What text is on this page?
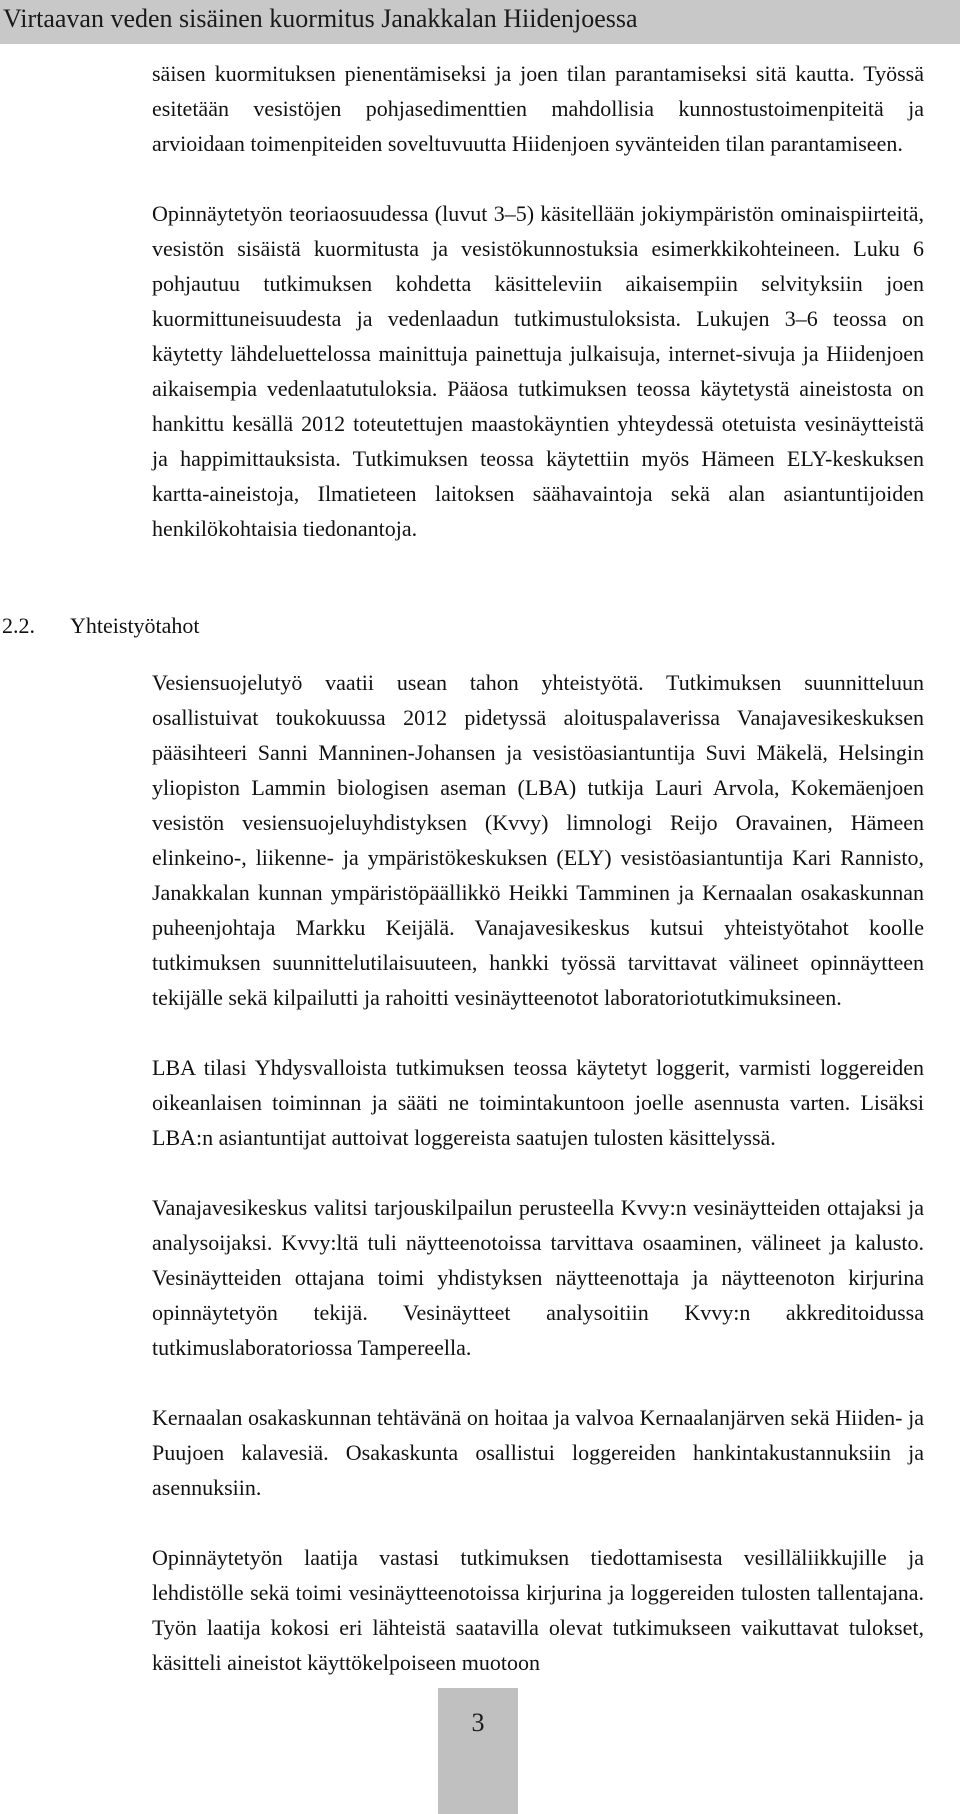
Virtaavan veden sisäinen kuormitus Janakkalan Hiidenjoessa

säisen kuormituksen pienentämiseksi ja joen tilan parantamiseksi sitä kautta. Työssä esitetään vesistöjen pohjasedimenttien mahdollisia kunnostustoimenpiteitä ja arvioidaan toimenpiteiden soveltuvuutta Hiidenjoen syvänteiden tilan parantamiseen.

Opinnäytetyön teoriaosuudessa (luvut 3–5) käsitellään jokiympäristön ominaispiirteitä, vesistön sisäistä kuormitusta ja vesistökunnostuksia esimerkkikohteineen. Luku 6 pohjautuu tutkimuksen kohdetta käsitteleviin aikaisempiin selvityksiin joen kuormittuneisuudesta ja vedenlaadun tutkimustuloksista. Lukujen 3–6 teossa on käytetty lähdeluettelossa mainittuja painettuja julkaisuja, internet-sivuja ja Hiidenjoen aikaisempia vedenlaatutuloksia. Pääosa tutkimuksen teossa käytetystä aineistosta on hankittu kesällä 2012 toteutettujen maastokäyntien yhteydessä otetuista vesinäytteistä ja happimittauksista. Tutkimuksen teossa käytettiin myös Hämeen ELY-keskuksen kartta-aineistoja, Ilmatieteen laitoksen säähavaintoja sekä alan asiantuntijoiden henkilökohtaisia tiedonantoja.

2.2. Yhteistyötahot

Vesiensuojelutyö vaatii usean tahon yhteistyötä. Tutkimuksen suunnitteluun osallistuivat toukokuussa 2012 pidetyssä aloituspalaverissa Vanajavesikeskuksen pääsihteeri Sanni Manninen-Johansen ja vesistöasiantuntija Suvi Mäkelä, Helsingin yliopiston Lammin biologisen aseman (LBA) tutkija Lauri Arvola, Kokemäenjoen vesistön vesiensuojeluyhdistyksen (Kvvy) limnologi Reijo Oravainen, Hämeen elinkeino-, liikenne- ja ympäristökeskuksen (ELY) vesistöasiantuntija Kari Rannisto, Janakkalan kunnan ympäristöpäällikkö Heikki Tamminen ja Kernaalan osakaskunnan puheenjohtaja Markku Keijälä. Vanajavesikeskus kutsui yhteistyötahot koolle tutkimuksen suunnittelutilaisuuteen, hankki työssä tarvittavat välineet opinnäytteen tekijälle sekä kilpailutti ja rahoitti vesinäytteenotot laboratoriotutkimuksineen.

LBA tilasi Yhdysvalloista tutkimuksen teossa käytetyt loggerit, varmisti loggereiden oikeanlaisen toiminnan ja sääti ne toimintakuntoon joelle asennusta varten. Lisäksi LBA:n asiantuntijat auttoivat loggereista saatujen tulosten käsittelyssä.

Vanajavesikeskus valitsi tarjouskilpailun perusteella Kvvy:n vesinäytteiden ottajaksi ja analysoijaksi. Kvvy:ltä tuli näytteenotoissa tarvittava osaaminen, välineet ja kalusto. Vesinäytteiden ottajana toimi yhdistyksen näytteenottaja ja näytteenoton kirjurina opinnäytetyön tekijä. Vesinäytteet analysoitiin Kvvy:n akkreditoidussa tutkimuslaboratoriossa Tampereella.

Kernaalan osakaskunnan tehtävänä on hoitaa ja valvoa Kernaalanjärven sekä Hiiden- ja Puujoen kalavesiä. Osakaskunta osallistui loggereiden hankintakustannuksiin ja asennuksiin.

Opinnäytetyön laatija vastasi tutkimuksen tiedottamisesta vesilläliikkujille ja lehdistölle sekä toimi vesinäytteenotoissa kirjurina ja loggereiden tulosten tallentajana. Työn laatija kokosi eri lähteistä saatavilla olevat tutkimukseen vaikuttavat tulokset, käsitteli aineistot käyttökelpoiseen muotoon

3
